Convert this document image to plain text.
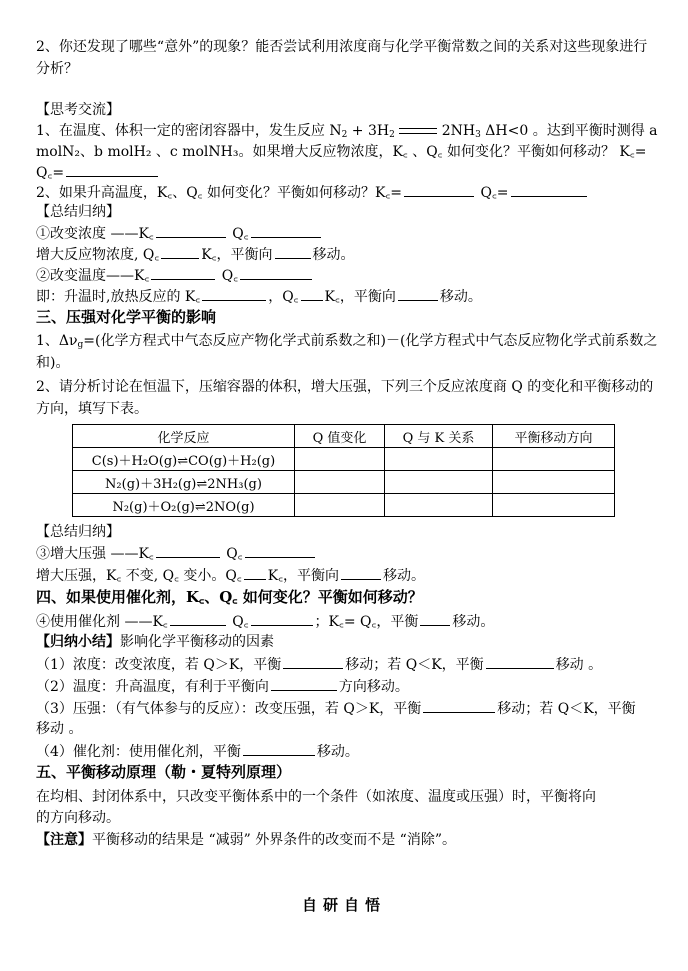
2、你还发现了哪些“意外”的现象？能否尝试利用浓度商与化学平衡常数之间的关系对这些现象进行
分析？
【思考交流】
1、在温度、体积一定的密闭容器中，发生反应 $N_2 + 3H_2$	$2NH_3$ ΔH<0 。达到平衡时测得 a
molN₂、b molH₂ 、c molNH₃。如果增大反应物浓度，K꜀ 、Q꜀ 如何变化？平衡如何移动？ K꜀=
Q꜀=
2、如果升高温度，K꜀、Q꜀ 如何变化？平衡如何移动？K꜀=	Q꜀=
【总结归纳】
①改变浓度 ——K꜀	Q꜀
增大反应物浓度, Q꜀	K꜀，平衡向	移动。
②改变温度——K꜀	Q꜀
即：升温时,放热反应的 K꜀	，Q꜀ K꜀，平衡向	移动。
三、压强对化学平衡的影响
1、$\Delta\nu_g=$(化学方程式中气态反应产物化学式前系数之和)－(化学方程式中气态反应物化学式前系数之
和)。
2、请分析讨论在恒温下，压缩容器的体积，增大压强，下列三个反应浓度商 Q 的变化和平衡移动的
方向，填写下表。
化学反应	Q 值变化	Q 与 K 关系	平衡移动方向
C(s)＋H₂O(g)⇌CO(g)＋H₂(g)			
N₂(g)＋3H₂(g)⇌2NH₃(g)			
N₂(g)＋O₂(g)⇌2NO(g)			
【总结归纳】
③增大压强 ——K꜀	Q꜀
增大压强，K꜀ 不变, Q꜀ 变小。Q꜀ K꜀，平衡向	移动。
四、如果使用催化剂，K꜀、Q꜀ 如何变化？平衡如何移动？
④使用催化剂 ——K꜀	Q꜀	；K꜀= Q꜀，平衡 移动。
【归纳小结】影响化学平衡移动的因素
（1）浓度：改变浓度，若 Q＞K，平衡	移动；若 Q＜K，平衡	移动 。
（2）温度：升高温度，有利于平衡向	方向移动。
（3）压强：（有气体参与的反应）：改变压强，若 Q＞K，平衡	移动；若 Q＜K，平衡
移动 。
（4）催化剂：使用催化剂，平衡	移动。
五、平衡移动原理（勒・夏特列原理）
在均相、封闭体系中，只改变平衡体系中的一个条件（如浓度、温度或压强）时，平衡将向
的方向移动。
【注意】平衡移动的结果是 “减弱” 外界条件的改变而不是 “消除”。
自研自悟
